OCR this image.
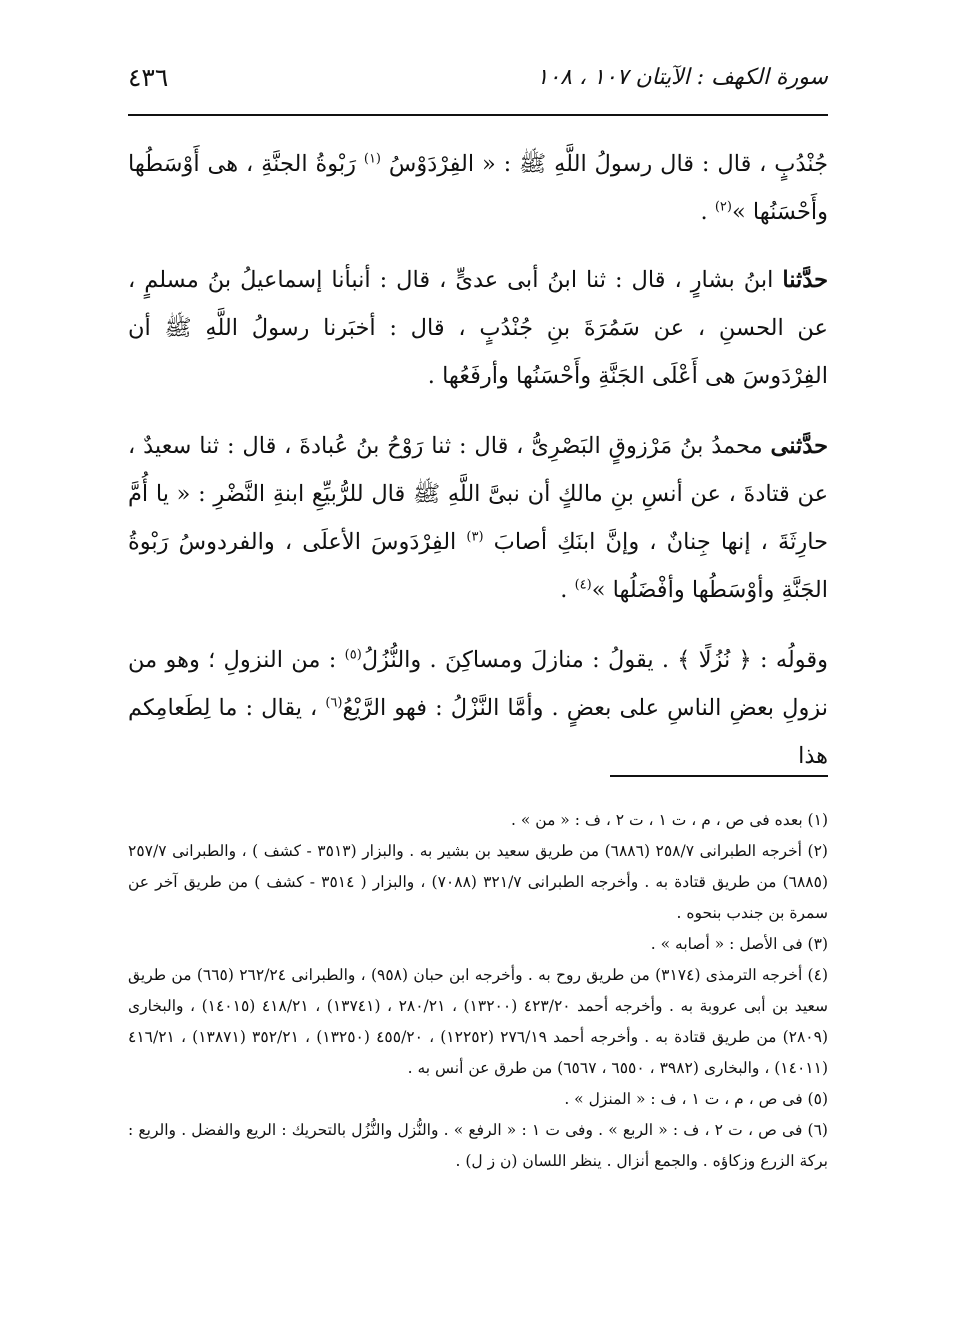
سورة الكهف : الآيتان ١٠٧ ، ١٠٨
٤٣٦

جُنْدُبٍ ، قال : قال رسولُ اللَّهِ ﷺ : « الفِرْدَوْسُ $^{(١)}$ رَبْوةُ الجنَّةِ ، هى أَوْسَطُها وأَحْسَنُها »$^{(٢)}$ .

حدَّثنا ابنُ بشارٍ ، قال : ثنا ابنُ أبى عدىٍّ ، قال : أنبأنا إسماعيلُ بنُ مسلمٍ ، عن الحسنِ ، عن سَمُرَةَ بنِ جُنْدُبٍ ، قال : أخبَرنا رسولُ اللَّهِ ﷺ أن الفِرْدَوسَ هى أَعْلَى الجَنَّةِ وأَحْسَنُها وأرفَعُها .

حدَّثنى محمدُ بنُ مَرْزوقٍ البَصْرِىُّ ، قال : ثنا رَوْحُ بنُ عُبادةَ ، قال : ثنا سعيدٌ ، عن قتادةَ ، عن أنسِ بنِ مالكٍ أن نبىَّ اللَّهِ ﷺ قال للرُّبيِّعِ ابنةِ النَّضْرِ : « يا أُمَّ حارِثَةَ ، إنها جِنانٌ ، وإنَّ ابنَكِ أصابَ $^{(٣)}$ الفِرْدَوسَ الأعلَى ، والفردوسُ رَبْوةُ الجَنَّةِ وأوْسَطُها وأفْضَلُها »$^{(٤)}$ .

وقولُه : ﴿ نُزُلًا ﴾ . يقولُ : منازلَ ومساكِنَ . والنُّزُلُ$^{(٥)}$ : من النزولِ ؛ وهو من نزولِ بعضِ الناسِ على بعضٍ . وأمَّا النَّزْلُ : فهو الرَّيْعُ$^{(٦)}$ ، يقال : ما لِطَعامِكم هذا

(١) بعده فى ص ، م ، ت ١ ، ت ٢ ، ف : « من » .

(٢) أخرجه الطبرانى ٢٥٨/٧ (٦٨٨٦) من طريق سعيد بن بشير به . والبزار (٣٥١٣ - كشف ) ، والطبرانى ٢٥٧/٧ (٦٨٨٥) من طريق قتادة به . وأخرجه الطبرانى ٣٢١/٧ (٧٠٨٨) ، والبزار ( ٣٥١٤ - كشف ) من طريق آخر عن سمرة بن جندب بنحوه .

(٣) فى الأصل : « أصابه » .

(٤) أخرجه الترمذى (٣١٧٤) من طريق روح به . وأخرجه ابن حبان (٩٥٨) ، والطبرانى ٢٦٢/٢٤ (٦٦٥) من طريق سعيد بن أبى عروبة به . وأخرجه أحمد ٤٢٣/٢٠ (١٣٢٠٠) ، ٢٨٠/٢١ ، (١٣٧٤١) ، ٤١٨/٢١ (١٤٠١٥) ، والبخارى (٢٨٠٩) من طريق قتادة به . وأخرجه أحمد ٢٧٦/١٩ (١٢٢٥٢) ، ٤٥٥/٢٠ (١٣٢٥٠) ، ٣٥٢/٢١ (١٣٨٧١) ، ٤١٦/٢١ (١٤٠١١) ، والبخارى (٣٩٨٢ ، ٦٥٥٠ ، ٦٥٦٧) من طرق عن أنس به .

(٥) فى ص ، م ، ت ١ ، ف : « المنزل » .

(٦) فى ص ، ت ٢ ، ف : « الربع » . وفى ت ١ : « الرفع » . والنُّزل والنُّزُل بالتحريك : الريع والفضل . والريع : بركة الزرع وزكاؤه . والجمع أنزال . ينظر اللسان (ن ز ل) .
